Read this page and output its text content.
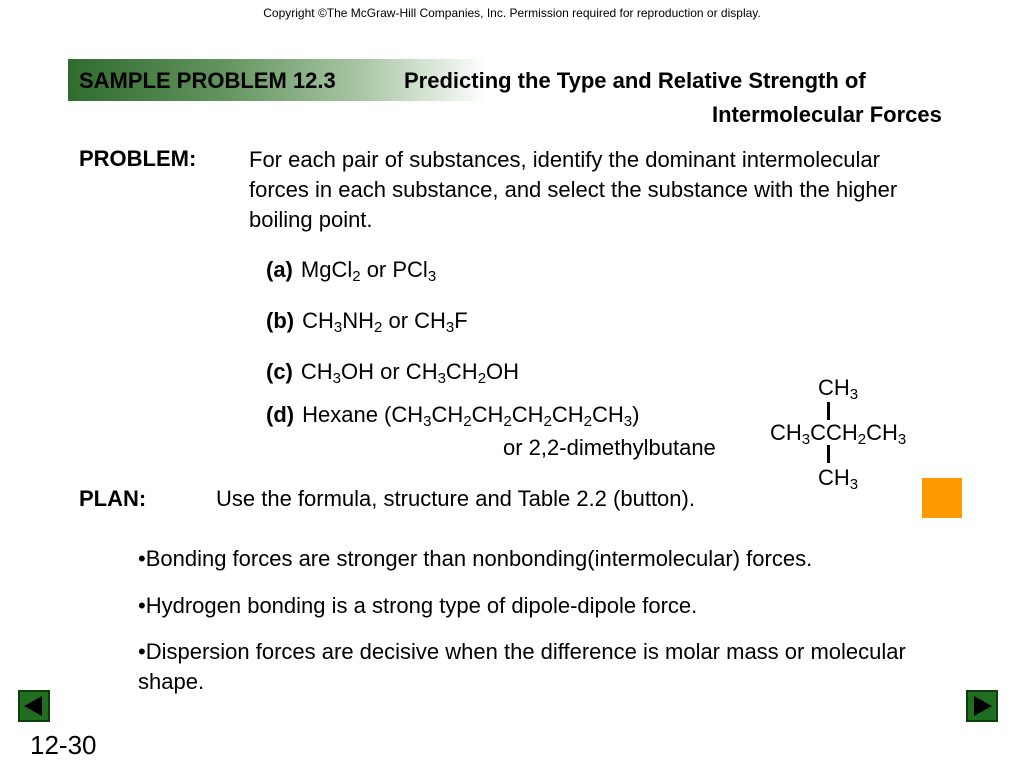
Copyright ©The McGraw-Hill Companies, Inc. Permission required for reproduction or display.
SAMPLE PROBLEM 12.3	Predicting the Type and Relative Strength of
Intermolecular Forces
PROBLEM: For each pair of substances, identify the dominant intermolecular forces in each substance, and select the substance with the higher boiling point.
(a) MgCl$_2$ or PCl$_3$
(b) $CH_3NH_2$ or $CH_3F$
(c) $CH_3OH$ or $CH_3CH_2OH$
(d) Hexane $(CH_3CH_2CH_2CH_2CH_2CH_3)$
or 2,2-dimethylbutane
$CH_3$
$CH_3CCH_2CH_3$
$CH_3$
PLAN:	Use the formula, structure and Table 2.2 (button).
•Bonding forces are stronger than nonbonding(intermolecular) forces.
•Hydrogen bonding is a strong type of dipole-dipole force.
•Dispersion forces are decisive when the difference is molar mass or molecular shape.
12-30
